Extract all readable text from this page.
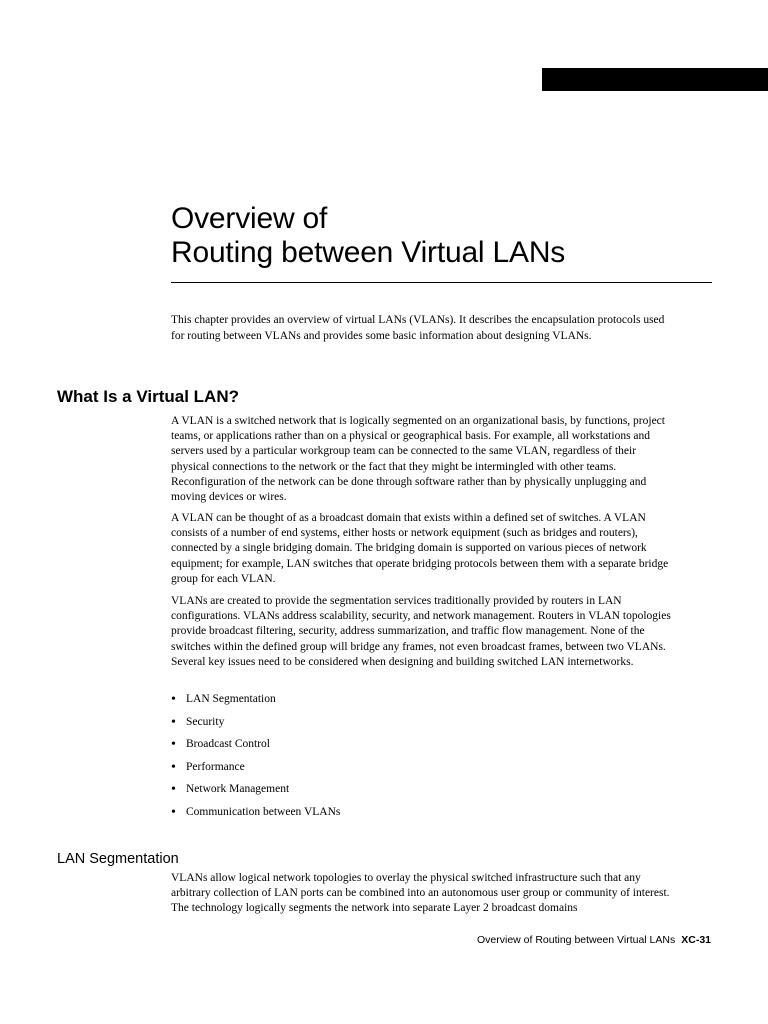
Overview of
Routing between Virtual LANs

This chapter provides an overview of virtual LANs (VLANs). It describes the encapsulation protocols used for routing between VLANs and provides some basic information about designing VLANs.

What Is a Virtual LAN?

A VLAN is a switched network that is logically segmented on an organizational basis, by functions, project teams, or applications rather than on a physical or geographical basis. For example, all workstations and servers used by a particular workgroup team can be connected to the same VLAN, regardless of their physical connections to the network or the fact that they might be intermingled with other teams. Reconfiguration of the network can be done through software rather than by physically unplugging and moving devices or wires.

A VLAN can be thought of as a broadcast domain that exists within a defined set of switches. A VLAN consists of a number of end systems, either hosts or network equipment (such as bridges and routers), connected by a single bridging domain. The bridging domain is supported on various pieces of network equipment; for example, LAN switches that operate bridging protocols between them with a separate bridge group for each VLAN.

VLANs are created to provide the segmentation services traditionally provided by routers in LAN configurations. VLANs address scalability, security, and network management. Routers in VLAN topologies provide broadcast filtering, security, address summarization, and traffic flow management. None of the switches within the defined group will bridge any frames, not even broadcast frames, between two VLANs. Several key issues need to be considered when designing and building switched LAN internetworks.

• LAN Segmentation
• Security
• Broadcast Control
• Performance
• Network Management
• Communication between VLANs
LAN Segmentation

VLANs allow logical network topologies to overlay the physical switched infrastructure such that any arbitrary collection of LAN ports can be combined into an autonomous user group or community of interest. The technology logically segments the network into separate Layer 2 broadcast domains

Overview of Routing between Virtual LANs XC-31
